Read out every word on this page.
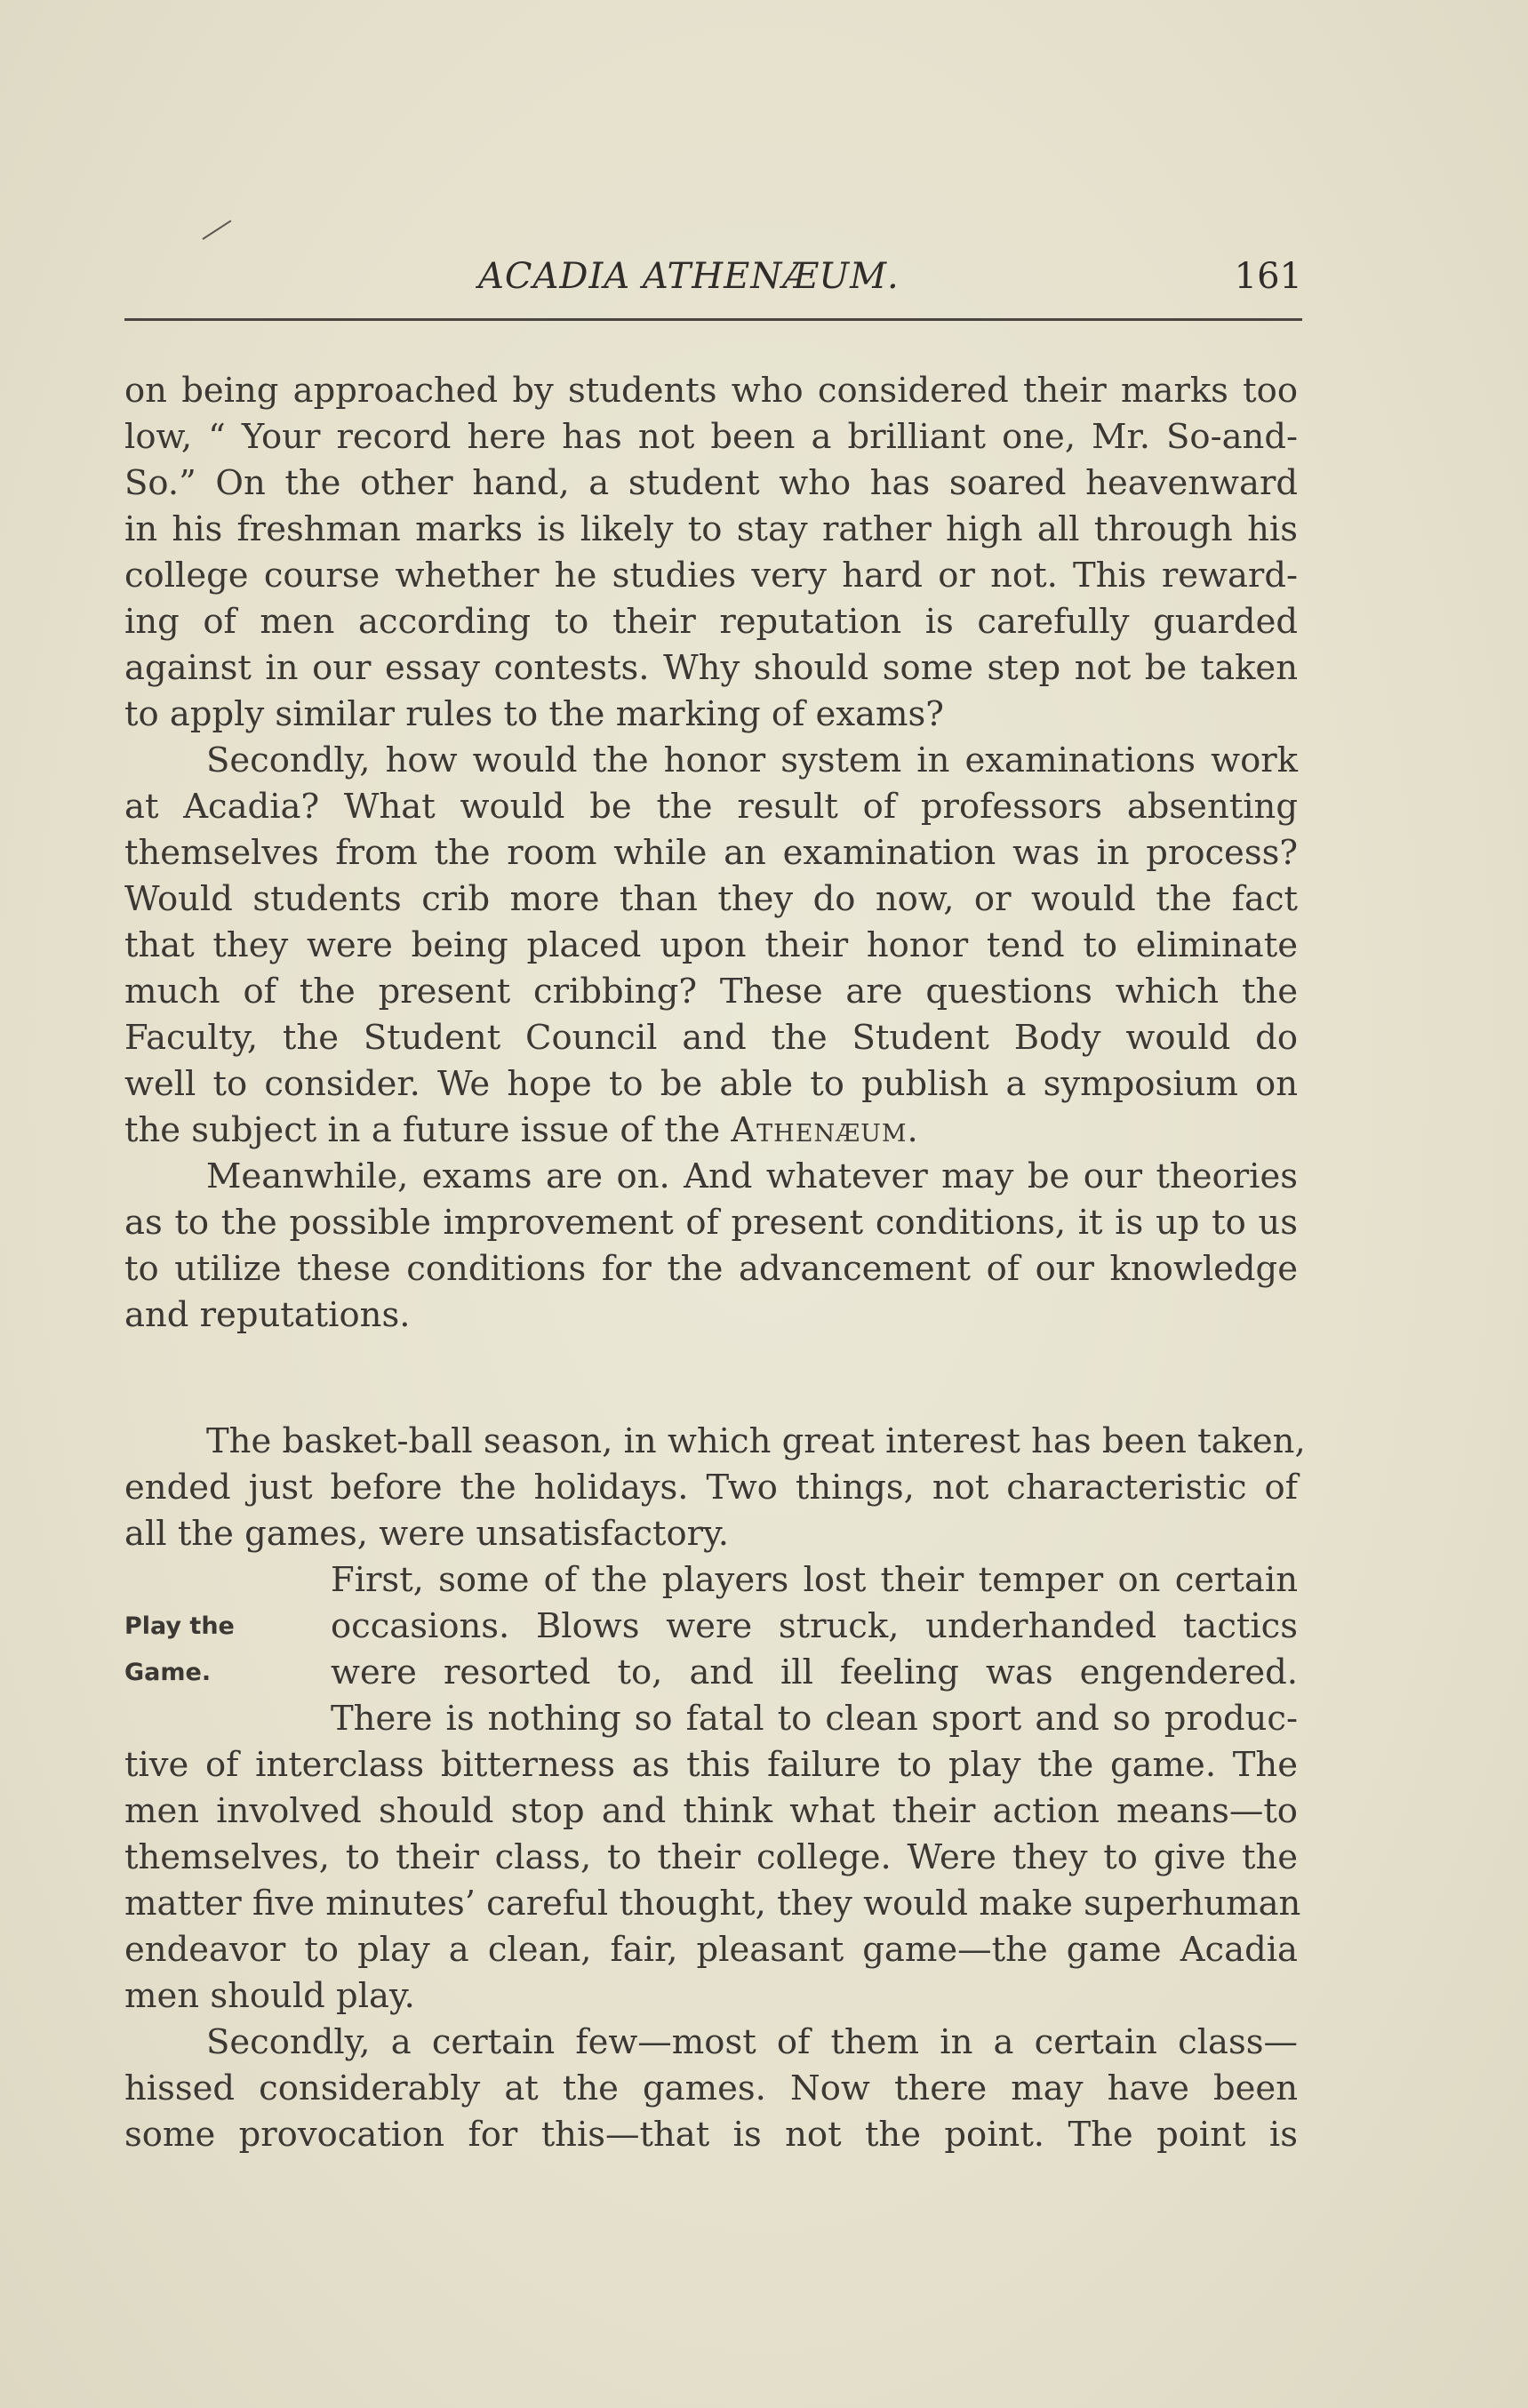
ACADIA ATHENÆUM.	161
on being approached by students who considered their marks too
low, “ Your record here has not been a brilliant one, Mr. So-and-
So.” On the other hand, a student who has soared heavenward
in his freshman marks is likely to stay rather high all through his
college course whether he studies very hard or not. This reward-
ing of men according to their reputation is carefully guarded
against in our essay contests. Why should some step not be taken
to apply similar rules to the marking of exams?
Secondly, how would the honor system in examinations work
at Acadia? What would be the result of professors absenting
themselves from the room while an examination was in process?
Would students crib more than they do now, or would the fact
that they were being placed upon their honor tend to eliminate
much of the present cribbing? These are questions which the
Faculty, the Student Council and the Student Body would do
well to consider. We hope to be able to publish a symposium on
the subject in a future issue of the Athenæum.
Meanwhile, exams are on. And whatever may be our theories
as to the possible improvement of present conditions, it is up to us
to utilize these conditions for the advancement of our knowledge
and reputations.
The basket-ball season, in which great interest has been taken,
ended just before the holidays. Two things, not characteristic of
all the games, were unsatisfactory.
Play the
Game.
First, some of the players lost their temper on certain
occasions. Blows were struck, underhanded tactics
were resorted to, and ill feeling was engendered.
There is nothing so fatal to clean sport and so produc-
tive of interclass bitterness as this failure to play the game. The
men involved should stop and think what their action means—to
themselves, to their class, to their college. Were they to give the
matter five minutes’ careful thought, they would make superhuman
endeavor to play a clean, fair, pleasant game—the game Acadia
men should play.
Secondly, a certain few—most of them in a certain class—
hissed considerably at the games. Now there may have been
some provocation for this—that is not the point. The point is
